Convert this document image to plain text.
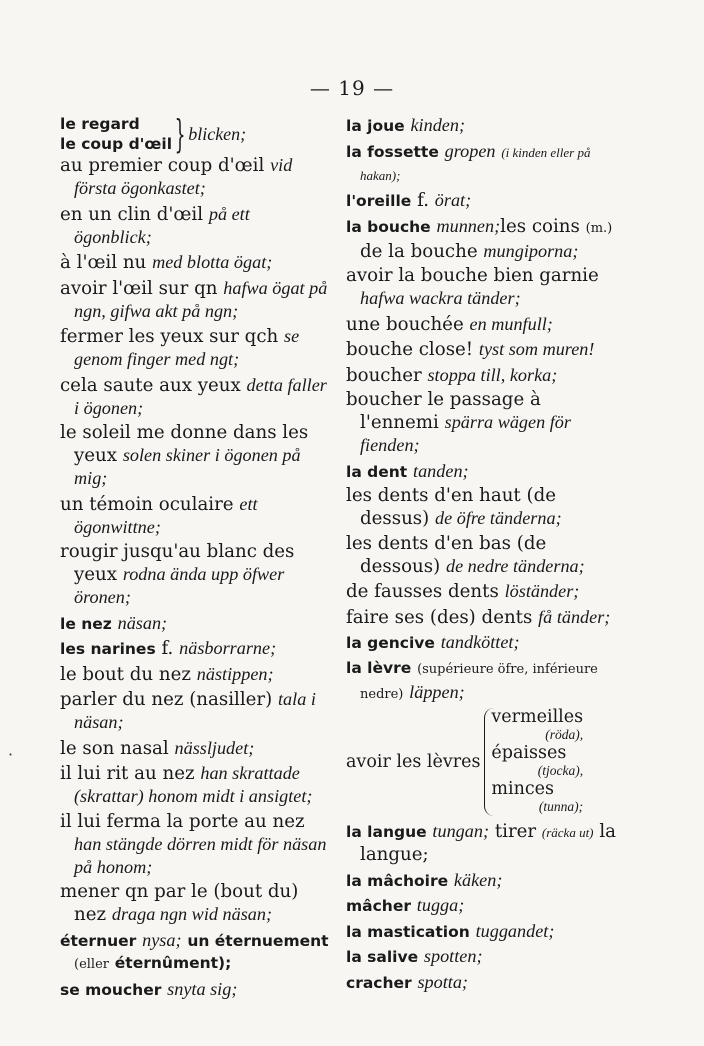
— 19 —
le regard
le coup d'œil } blicken;
au premier coup d'œil vid första ögonkastet;
en un clin d'œil på ett ögonblick;
à l'œil nu med blotta ögat;
avoir l'œil sur qn hafwa ögat på ngn, gifwa akt på ngn;
fermer les yeux sur qch se genom finger med ngt;
cela saute aux yeux detta faller i ögonen;
le soleil me donne dans les yeux solen skiner i ögonen på mig;
un témoin oculaire ett ögonwittne;
rougir jusqu'au blanc des yeux rodna ända upp öfwer öronen;
le nez näsan;
les narines f. näsborrarne;
le bout du nez nästippen;
parler du nez (nasiller) tala i näsan;
le son nasal nässljudet;
il lui rit au nez han skrattade (skrattar) honom midt i ansigtet;
il lui ferma la porte au nez han stängde dörren midt för näsan på honom;
mener qn par le (bout du) nez draga ngn wid näsan;
éternuer nysa; un éternuement (eller éternûment);
se moucher snyta sig;
la joue kinden;
la fossette gropen (i kinden eller på hakan);
l'oreille f. örat;
la bouche munnen;les coins (m.) de la bouche mungiporna;
avoir la bouche bien garnie hafwa wackra tänder;
une bouchée en munfull;
bouche close! tyst som muren!
boucher stoppa till, korka;
boucher le passage à l'ennemi spärra wägen för fienden;
la dent tanden;
les dents d'en haut (de dessus) de öfre tänderna;
les dents d'en bas (de dessous) de nedre tänderna;
de fausses dents löständer;
faire ses (des) dents få tänder;
la gencive tandköttet;
la lèvre (supérieure öfre, inférieure nedre) läppen;
avoir les lèvres
vermeilles
(röda),
épaisses
(tjocka),
minces
(tunna);
la langue tungan; tirer (räcka ut) la langue;
la mâchoire käken;
mâcher tugga;
la mastication tuggandet;
la salive spotten;
cracher spotta;
·
